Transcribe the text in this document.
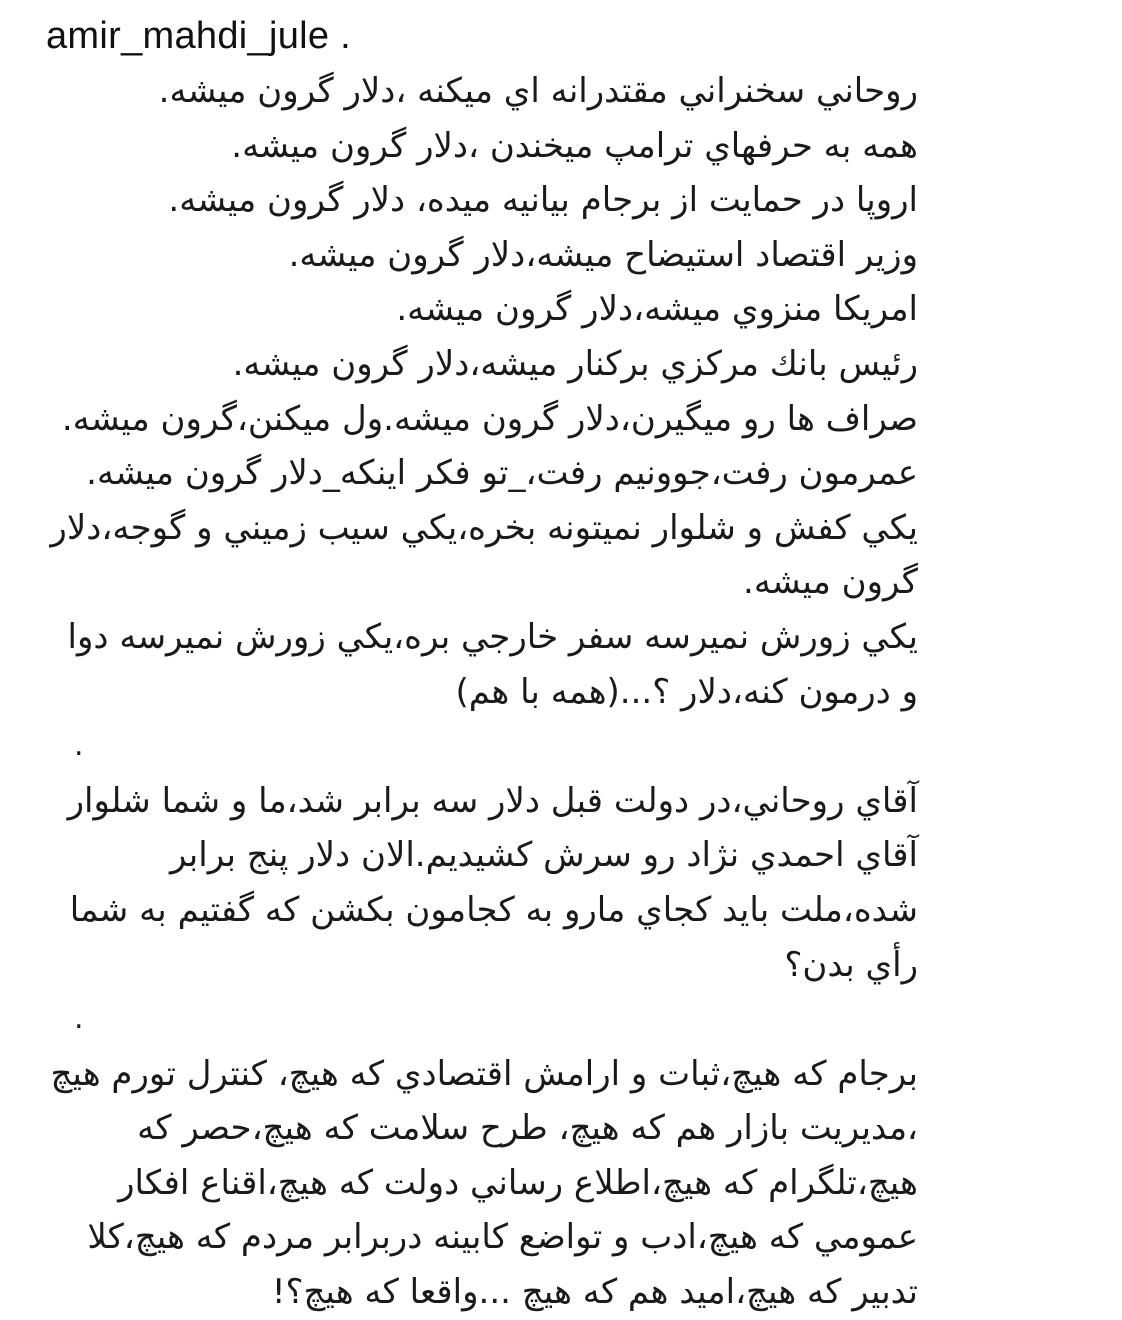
amir_mahdi_jule .
روحاني سخنراني مقتدرانه اي ميكنه ،دلار گرون ميشه.
همه به حرفهاي ترامپ ميخندن ،دلار گرون ميشه.
اروپا در حمايت از برجام بيانيه ميده، دلار گرون ميشه.
وزير اقتصاد استيضاح ميشه،دلار گرون ميشه.
امريكا منزوي ميشه،دلار گرون ميشه.
رئيس بانك مركزي بركنار ميشه،دلار گرون ميشه.
صراف ها رو ميگيرن،دلار گرون ميشه.ول ميكنن،گرون ميشه.
عمرمون رفت،جوونيم رفت،_تو فكر اينكه_دلار گرون ميشه.
يكي كفش و شلوار نميتونه بخره،يكي سيب زميني و گوجه،دلار گرون ميشه.
يكي زورش نميرسه سفر خارجي بره،يكي زورش نميرسه دوا و درمون كنه،دلار ؟...(همه با هم)
.
آقاي روحاني،در دولت قبل دلار سه برابر شد،ما و شما شلوار آقاي احمدي نژاد رو سرش كشيديم.الان دلار پنج برابر شده،ملت بايد كجاي مارو به كجامون بكشن كه گفتيم به شما رأي بدن؟
.
برجام كه هيچ،ثبات و ارامش اقتصادي كه هيچ، كنترل تورم هيچ ،مديريت بازار هم كه هيچ، طرح سلامت كه هيچ،حصر كه هيچ،تلگرام كه هيچ،اطلاع رساني دولت كه هيچ،اقناع افكار عمومي كه هيچ،ادب و تواضع كابينه دربرابر مردم كه هيچ،كلا تدبير كه هيچ،اميد هم كه هيچ ...واقعا كه هيچ؟!
